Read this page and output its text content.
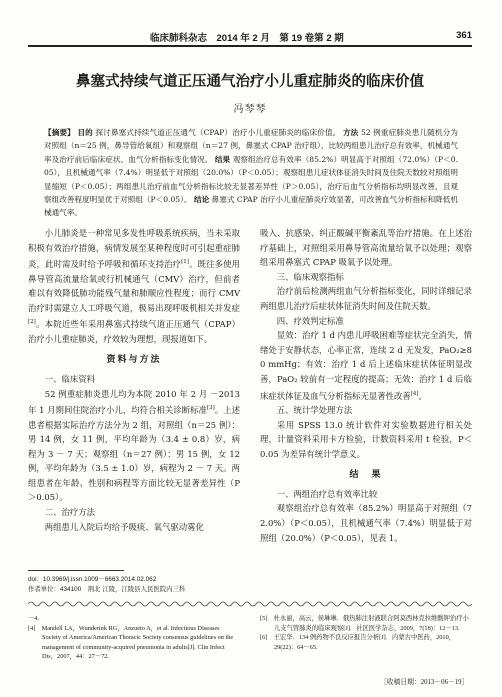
临床肺科杂志　2014 年 2 月　第 19 卷第 2 期	361
鼻塞式持续气道正压通气治疗小儿重症肺炎的临床价值
冯琴琴
【摘要】 目的 探讨鼻塞式持续气道正压通气（CPAP）治疗小儿重症肺炎的临床价值。 方法 52 例重症肺炎患儿随机分为对照组（n＝25 例，鼻导管给氧组）和观察组（n＝27 例，鼻塞式 CPAP 治疗组），比较两组患儿治疗总有效率，机械通气率及治疗前后临床症状、血气分析指标变化情况。 结果 观察组治疗总有效率（85.2%）明显高于对照组（72.0%）（P＜0.05），且机械通气率（7.4%）明显低于对照组（20.0%）（P＜0.05）；观察组患儿症状体征消失时间及住院天数较对照组明显缩短（P＜0.05）；两组患儿治疗前血气分析指标比较无显著差异性（P＞0.05），治疗后血气分析指标均明显改善，且观察组改善程度明显优于对照组（P＜0.05）。 结论 鼻塞式 CPAP 治疗小儿重症肺炎疗效显著，可改善血气分析指标和降低机械通气率。

小儿肺炎是一种常见多发性呼吸系统疾病，当未采取积极有效治疗措施，病情发展至某种程度时可引起重症肺炎，此时需及时给予呼吸和循环支持治疗[1]。既往多使用鼻导管高流量给氧或行机械通气（CMV）治疗，但前者难以有效降低肺功能残气量和肺顺应性程度；而行 CMV 治疗时需建立人工呼吸气道，极易出现呼吸机相关并发症[2]。本院近些年采用鼻塞式持续气道正压通气（CPAP）治疗小儿重症肺炎，疗效较为理想，现报道如下。

资料与方法

一、临床资料

52 例重症肺炎患儿均为本院 2010 年 2 月 －2013 年 1 月期间住院治疗小儿，均符合相关诊断标准[3]。上述患者根据实际治疗方法分为 2 组，对照组（n＝25 例）：男 14 例，女 11 例，平均年龄为（3.4 ± 0.8）岁，病程为 3 － 7 天；观察组（n＝27 例）：男 15 例，女 12 例，平均年龄为（3.5 ± 1.0）岁，病程为 2 － 7 天。两组患者在年龄、性别和病程等方面比较无显著差异性（P＞0.05）。

二、治疗方法

两组患儿入院后均给予吸痰、氧气驱动雾化

吸入、抗感染、纠正酸碱平衡紊乱等治疗措施。在上述治疗基础上，对照组采用鼻导管高流量给氧予以处理；观察组采用鼻塞式 CPAP 吸氧予以处理。

三、临床观察指标

治疗前后检测两组血气分析指标变化，同时详细记录两组患儿治疗后症状体征消失时间及住院天数。

四、疗效判定标准

显效：治疗 1 d 内患儿呼吸困难等症状完全消失，情绪处于安静状态，心率正常，连续 2 d 无发发，PaO₂≥80 mmHg；有效：治疗 1 d 后上述临床症状体征明显改善，PaO₂ 较前有一定程度的提高；无效：治疗 1 d 后临床症状体征及血气分析指标无显著性改善[4]。

五、统计学处理方法

采用 SPSS 13.0 统计软件对实验数据进行相关处理，计量资料采用卡方检验，计数资料采用 t 检验，P＜0.05 为差异有统计学意义。

结　果

一、两组治疗总有效率比较

观察组治疗总有效率（85.2%）明显高于对照组（72.0%）（P＜0.05），且机械通气率（7.4%）明显低于对照组（20.0%）（P＜0.05），见表 1。

doi：10.3969/j.issn.1009－6663.2014.02.062
作者单位：434100　荆北 江陵，江陵县人民医院内三科
－4.
[4]　Mandell LA，Wunderink RG，Anzueto A，et al. Infectious Diseases Society of America/American Thoracic Society consensus guidelines on the management of community-acquired pneumonia in adults[J]. Clin Infect Dis，2007，44：27－72.
[5]　杜永丽，高云，侯琳琳．俄热肺注射液联合阿莫西林克拉维酸钾治疗小儿支气管肺炎的临床观察[J]．社区医学杂志，2009，7(18)：12－13.
[6]　王宏华．134 例药物不良反应报告分析[J]．内蒙古中医药，2010，29(22)：64－65.
［收稿日期：2013－06－19］
